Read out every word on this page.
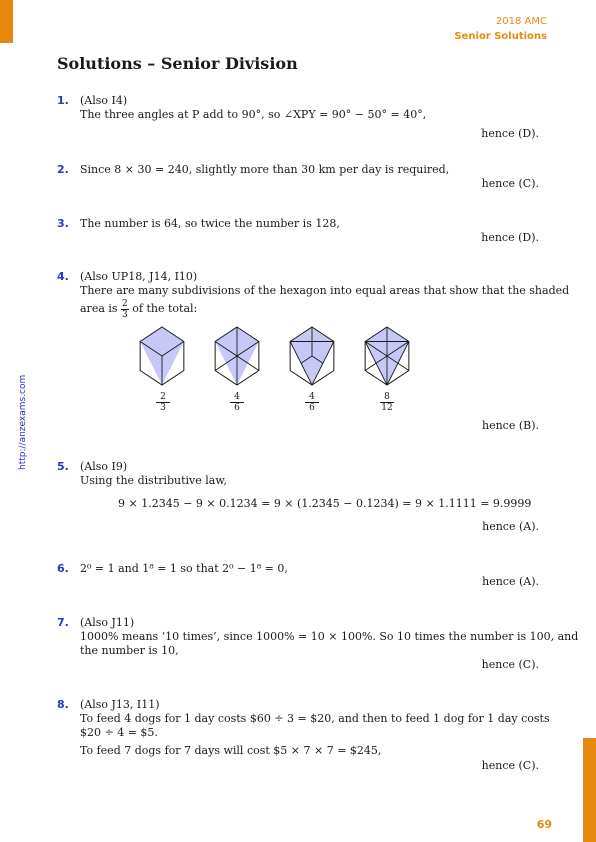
2018 AMC
Senior Solutions
http://anzexams.com
Solutions – Senior Division
1. (Also I4)
The three angles at P add to 90°, so ∠XPY = 90° − 50° = 40°,
hence (D).
2. Since 8 × 30 = 240, slightly more than 30 km per day is required,
hence (C).
3. The number is 64, so twice the number is 128,
hence (D).
4. (Also UP18, J14, I10)
There are many subdivisions of the hexagon into equal areas that show that the shaded
area is $\frac{2}{3}$ of the total:
2
3
4
6
4
6
8
12
hence (B).
5. (Also I9)
Using the distributive law,
9 × 1.2345 − 9 × 0.1234 = 9 × (1.2345 − 0.1234) = 9 × 1.1111 = 9.9999
hence (A).
6. 2⁰ = 1 and 1⁸ = 1 so that 2⁰ − 1⁸ = 0,
hence (A).
7. (Also J11)
1000% means ‘10 times’, since 1000% = 10 × 100%. So 10 times the number is 100, and
the number is 10,
hence (C).
8. (Also J13, I11)
To feed 4 dogs for 1 day costs $60 ÷ 3 = $20, and then to feed 1 dog for 1 day costs
$20 ÷ 4 = $5.
To feed 7 dogs for 7 days will cost $5 × 7 × 7 = $245,
hence (C).
69
